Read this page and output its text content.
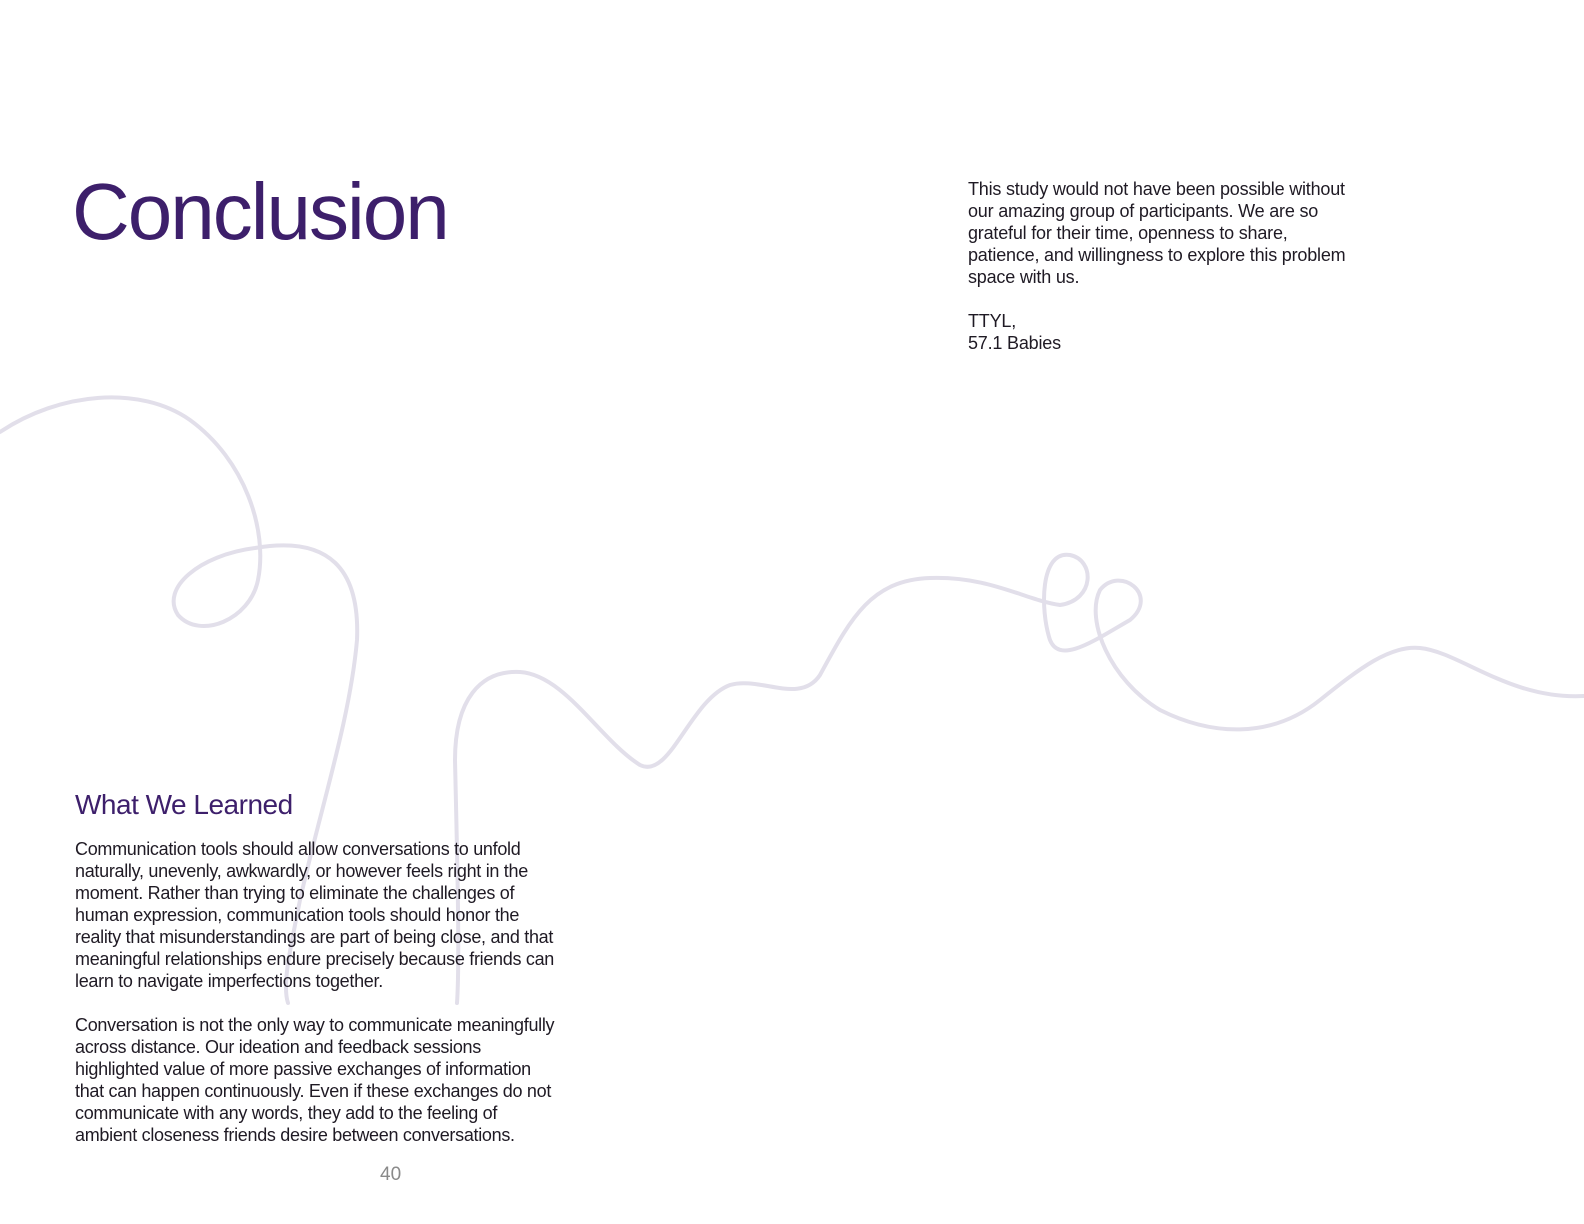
Conclusion	This study would not have been possible without our amazing group of participants. We are so grateful for their time, openness to share, patience, and willingness to explore this problem space with us.

TTYL,

57.1 Babies

What We Learned

Communication tools should allow conversations to unfold naturally, unevenly, awkwardly, or however feels right in the moment. Rather than trying to eliminate the challenges of human expression, communication tools should honor the reality that misunderstandings are part of being close, and that meaningful relationships endure precisely because friends can learn to navigate imperfections together.

Conversation is not the only way to communicate meaningfully across distance. Our ideation and feedback sessions highlighted value of more passive exchanges of information that can happen continuously. Even if these exchanges do not communicate with any words, they add to the feeling of ambient closeness friends desire between conversations.

40
